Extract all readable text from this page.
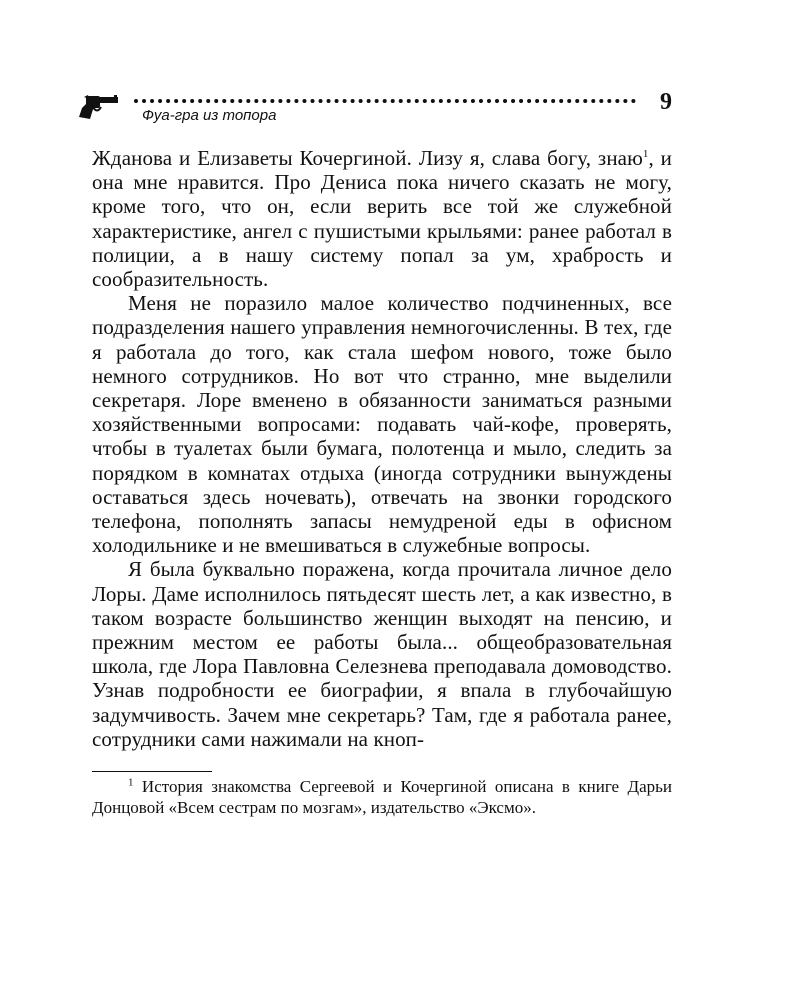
9
Фуа-гра из топора

Жданова и Елизаветы Кочергиной. Лизу я, слава богу, знаю$^1$, и она мне нравится. Про Дениса пока ничего сказать не могу, кроме того, что он, если верить все той же служебной характеристике, ангел с пушистыми крыльями: ранее работал в полиции, а в нашу систему попал за ум, храбрость и сообразительность.

Меня не поразило малое количество подчиненных, все подразделения нашего управления немногочисленны. В тех, где я работала до того, как стала шефом нового, тоже было немного сотрудников. Но вот что странно, мне выделили секретаря. Лоре вменено в обязанности заниматься разными хозяйственными вопросами: подавать чай-кофе, проверять, чтобы в туалетах были бумага, полотенца и мыло, следить за порядком в комнатах отдыха (иногда сотрудники вынуждены оставаться здесь ночевать), отвечать на звонки городского телефона, пополнять запасы немудреной еды в офисном холодильнике и не вмешиваться в служебные вопросы.

Я была буквально поражена, когда прочитала личное дело Лоры. Даме исполнилось пятьдесят шесть лет, а как известно, в таком возрасте большинство женщин выходят на пенсию, и прежним местом ее работы была... общеобразовательная школа, где Лора Павловна Селезнева преподавала домоводство. Узнав подробности ее биографии, я впала в глубочайшую задумчивость. Зачем мне секретарь? Там, где я работала ранее, сотрудники сами нажимали на кноп-

$^1$ История знакомства Сергеевой и Кочергиной описана в книге Дарьи Донцовой «Всем сестрам по мозгам», издательство «Эксмо».
